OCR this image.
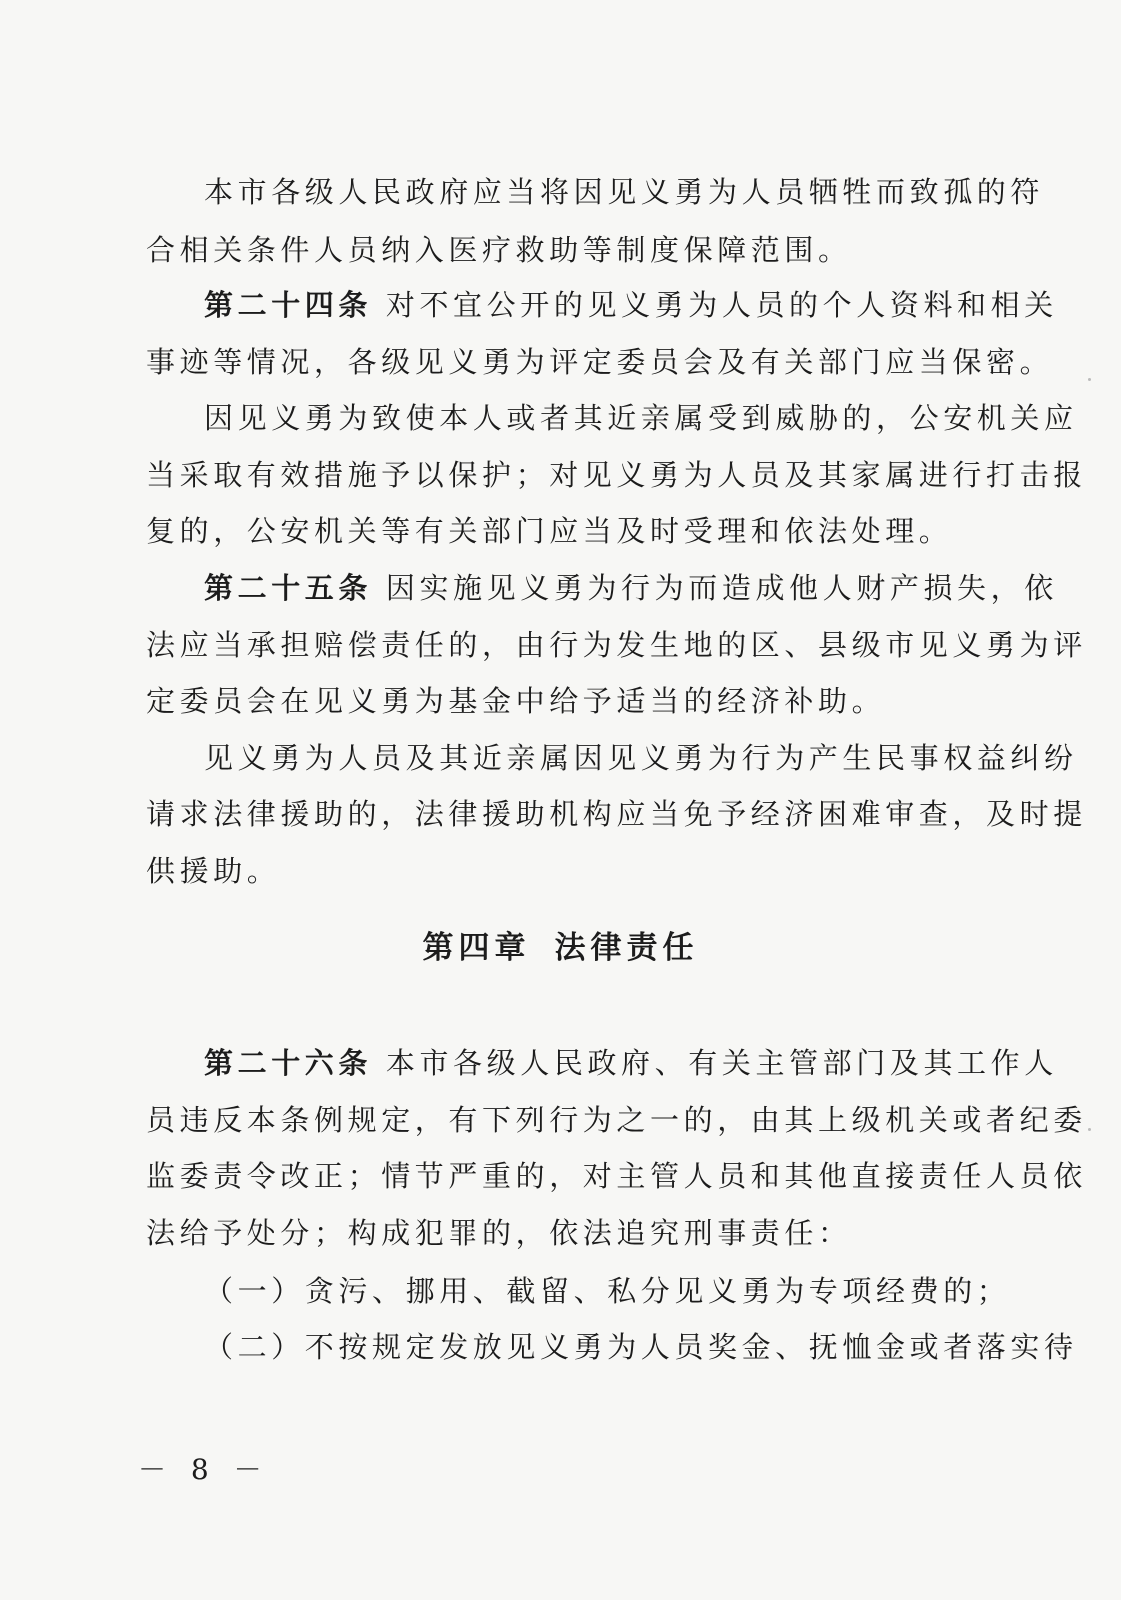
本市各级人民政府应当将因见义勇为人员牺牲而致孤的符
合相关条件人员纳入医疗救助等制度保障范围。
第二十四条 对不宜公开的见义勇为人员的个人资料和相关
事迹等情况，各级见义勇为评定委员会及有关部门应当保密。
因见义勇为致使本人或者其近亲属受到威胁的，公安机关应
当采取有效措施予以保护；对见义勇为人员及其家属进行打击报
复的，公安机关等有关部门应当及时受理和依法处理。
第二十五条 因实施见义勇为行为而造成他人财产损失，依
法应当承担赔偿责任的，由行为发生地的区、县级市见义勇为评
定委员会在见义勇为基金中给予适当的经济补助。
见义勇为人员及其近亲属因见义勇为行为产生民事权益纠纷
请求法律援助的，法律援助机构应当免予经济困难审查，及时提
供援助。
第四章 法律责任
第二十六条 本市各级人民政府、有关主管部门及其工作人
员违反本条例规定，有下列行为之一的，由其上级机关或者纪委
监委责令改正；情节严重的，对主管人员和其他直接责任人员依
法给予处分；构成犯罪的，依法追究刑事责任：
（一）贪污、挪用、截留、私分见义勇为专项经费的；
（二）不按规定发放见义勇为人员奖金、抚恤金或者落实待
－ 8 －
